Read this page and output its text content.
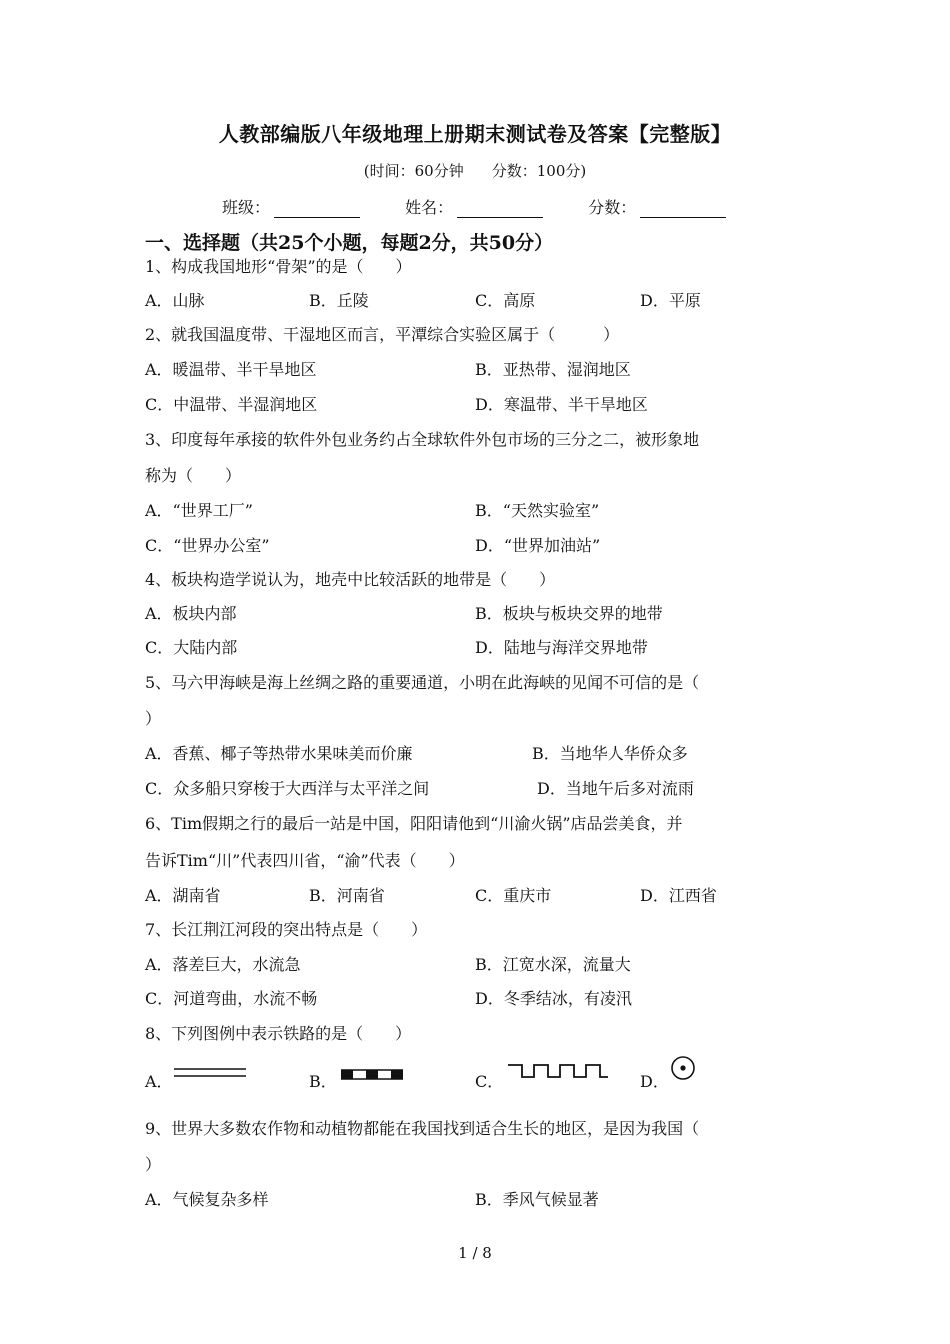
人教部编版八年级地理上册期末测试卷及答案【完整版】
(时间：60分钟 分数：100分)
班级：	姓名：	分数：
一、选择题（共25个小题，每题2分，共50分）
1、构成我国地形“骨架”的是（　　）
A．山脉	B．丘陵	C．高原	D．平原
2、就我国温度带、干湿地区而言，平潭综合实验区属于（　　　）
A．暖温带、半干旱地区	B．亚热带、湿润地区
C．中温带、半湿润地区	D．寒温带、半干旱地区
3、印度每年承接的软件外包业务约占全球软件外包市场的三分之二，被形象地
称为（　　）
A．“世界工厂”	B．“天然实验室”
C．“世界办公室”	D．“世界加油站”
4、板块构造学说认为，地壳中比较活跃的地带是（　　）
A．板块内部	B．板块与板块交界的地带
C．大陆内部	D．陆地与海洋交界地带
5、马六甲海峡是海上丝绸之路的重要通道，小明在此海峡的见闻不可信的是（
）
A．香蕉、椰子等热带水果味美而价廉	B．当地华人华侨众多
C．众多船只穿梭于大西洋与太平洋之间	D．当地午后多对流雨
6、Tim假期之行的最后一站是中国，阳阳请他到“川渝火锅”店品尝美食，并
告诉Tim“川”代表四川省，“渝”代表（　　）
A．湖南省	B．河南省	C．重庆市	D．江西省
7、长江荆江河段的突出特点是（　　）
A．落差巨大，水流急	B．江宽水深，流量大
C．河道弯曲，水流不畅	D．冬季结冰，有凌汛
8、下列图例中表示铁路的是（　　）
A．	B．	C．	D．
9、世界大多数农作物和动植物都能在我国找到适合生长的地区，是因为我国（
）
A．气候复杂多样	B．季风气候显著
1 / 8
